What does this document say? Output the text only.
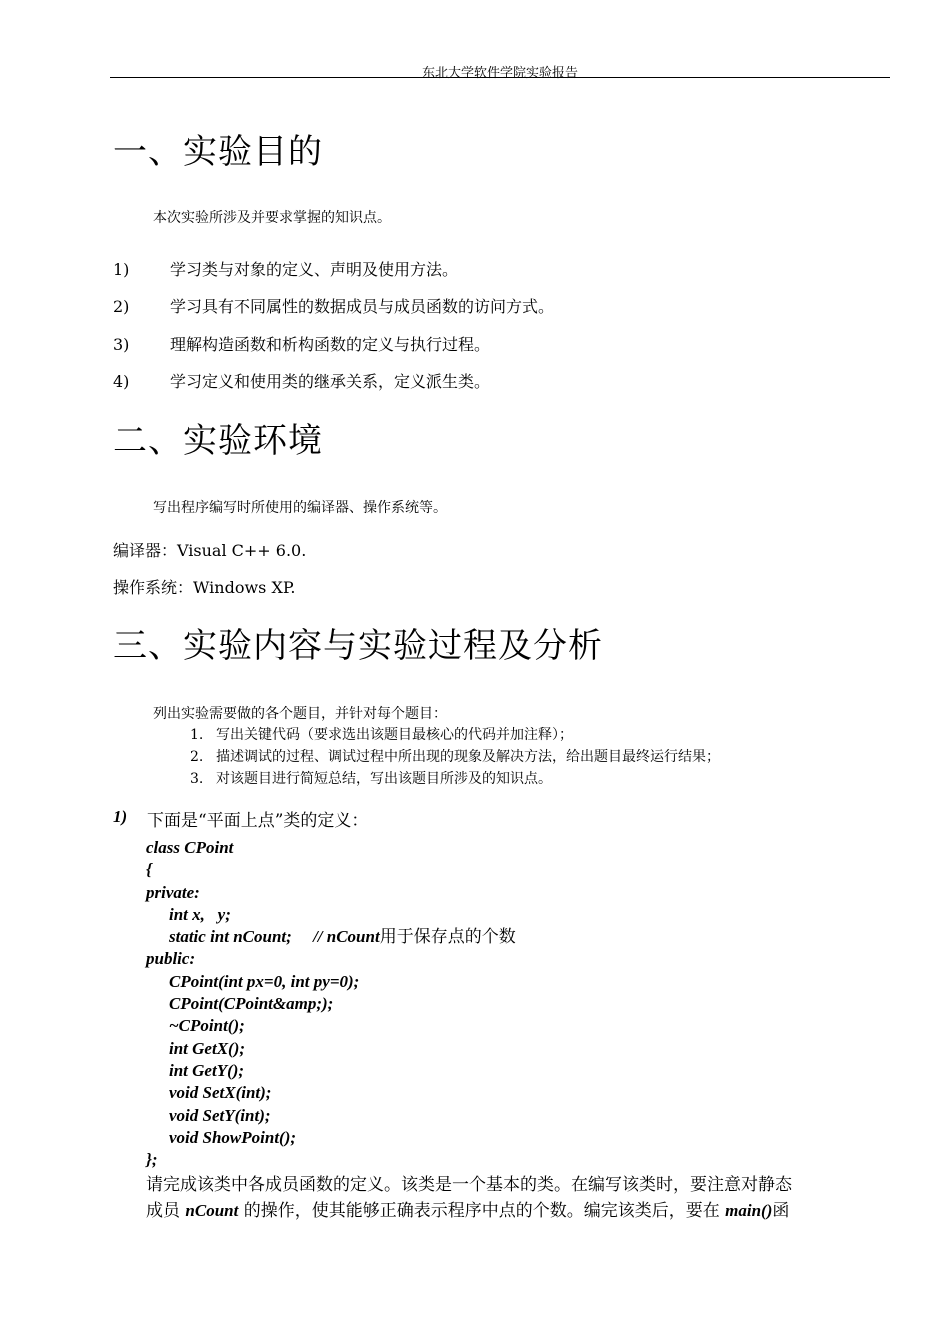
东北大学软件学院实验报告
一、实验目的
本次实验所涉及并要求掌握的知识点。
1)	学习类与对象的定义、声明及使用方法。
2)	学习具有不同属性的数据成员与成员函数的访问方式。
3)	理解构造函数和析构函数的定义与执行过程。
4)	学习定义和使用类的继承关系，定义派生类。
二、实验环境
写出程序编写时所使用的编译器、操作系统等。
编译器：Visual C++ 6.0.
操作系统：Windows XP.
三、实验内容与实验过程及分析
列出实验需要做的各个题目，并针对每个题目：
1. 写出关键代码（要求选出该题目最核心的代码并加注释）；
2. 描述调试的过程、调试过程中所出现的现象及解决方法，给出题目最终运行结果；
3. 对该题目进行简短总结，写出该题目所涉及的知识点。
1) 下面是“平面上点”类的定义：
class CPoint
{
private:
int x,   y;
static int nCount;     // nCount用于保存点的个数
public:
CPoint(int px=0, int py=0);
CPoint(CPoint&amp;);
~CPoint();
int GetX();
int GetY();
void SetX(int);
void SetY(int);
void ShowPoint();
};
请完成该类中各成员函数的定义。该类是一个基本的类。在编写该类时，要注意对静态
成员 nCount 的操作，使其能够正确表示程序中点的个数。编完该类后，要在 main()函
